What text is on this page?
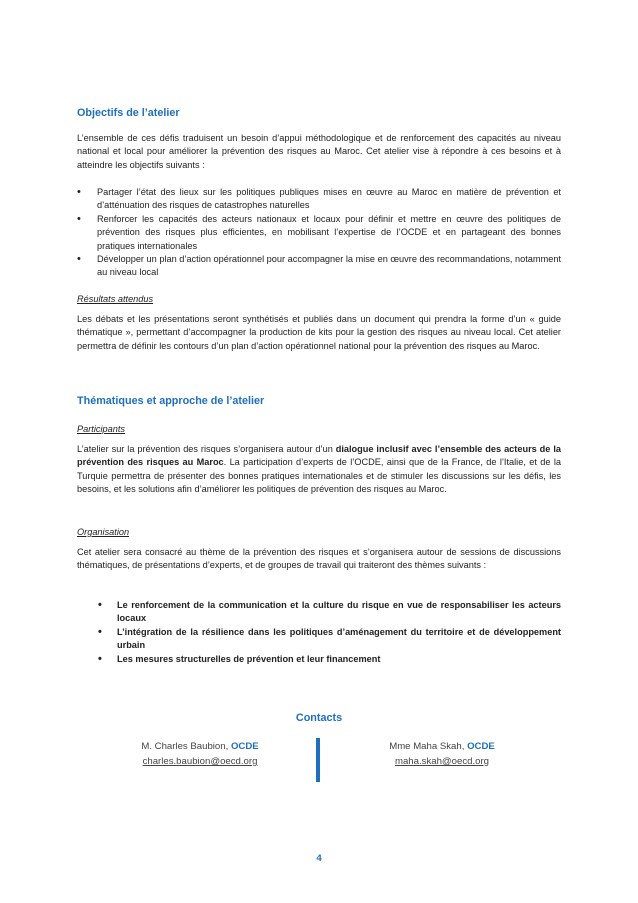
Objectifs de l’atelier

L’ensemble de ces défis traduisent un besoin d’appui méthodologique et de renforcement des capacités au niveau national et local pour améliorer la prévention des risques au Maroc. Cet atelier vise à répondre à ces besoins et à atteindre les objectifs suivants :

• Partager l’état des lieux sur les politiques publiques mises en œuvre au Maroc en matière de prévention et d’atténuation des risques de catastrophes naturelles
• Renforcer les capacités des acteurs nationaux et locaux pour définir et mettre en œuvre des politiques de prévention des risques plus efficientes, en mobilisant l’expertise de l’OCDE et en partageant des bonnes pratiques internationales
• Développer un plan d’action opérationnel pour accompagner la mise en œuvre des recommandations, notamment au niveau local
Résultats attendus

Les débats et les présentations seront synthétisés et publiés dans un document qui prendra la forme d’un « guide thématique », permettant d’accompagner la production de kits pour la gestion des risques au niveau local. Cet atelier permettra de définir les contours d’un plan d’action opérationnel national pour la prévention des risques au Maroc.

Thématiques et approche de l’atelier
Participants

L’atelier sur la prévention des risques s’organisera autour d’un dialogue inclusif avec l’ensemble des acteurs de la prévention des risques au Maroc. La participation d’experts de l’OCDE, ainsi que de la France, de l’Italie, et de la Turquie permettra de présenter des bonnes pratiques internationales et de stimuler les discussions sur les défis, les besoins, et les solutions afin d’améliorer les politiques de prévention des risques au Maroc.

Organisation

Cet atelier sera consacré au thème de la prévention des risques et s’organisera autour de sessions de discussions thématiques, de présentations d’experts, et de groupes de travail qui traiteront des thèmes suivants :

• Le renforcement de la communication et la culture du risque en vue de responsabiliser les acteurs locaux
• L’intégration de la résilience dans les politiques d’aménagement du territoire et de développement urbain
• Les mesures structurelles de prévention et leur financement
Contacts
M. Charles Baubion, OCDE
charles.baubion@oecd.org
Mme Maha Skah, OCDE
maha.skah@oecd.org
4
